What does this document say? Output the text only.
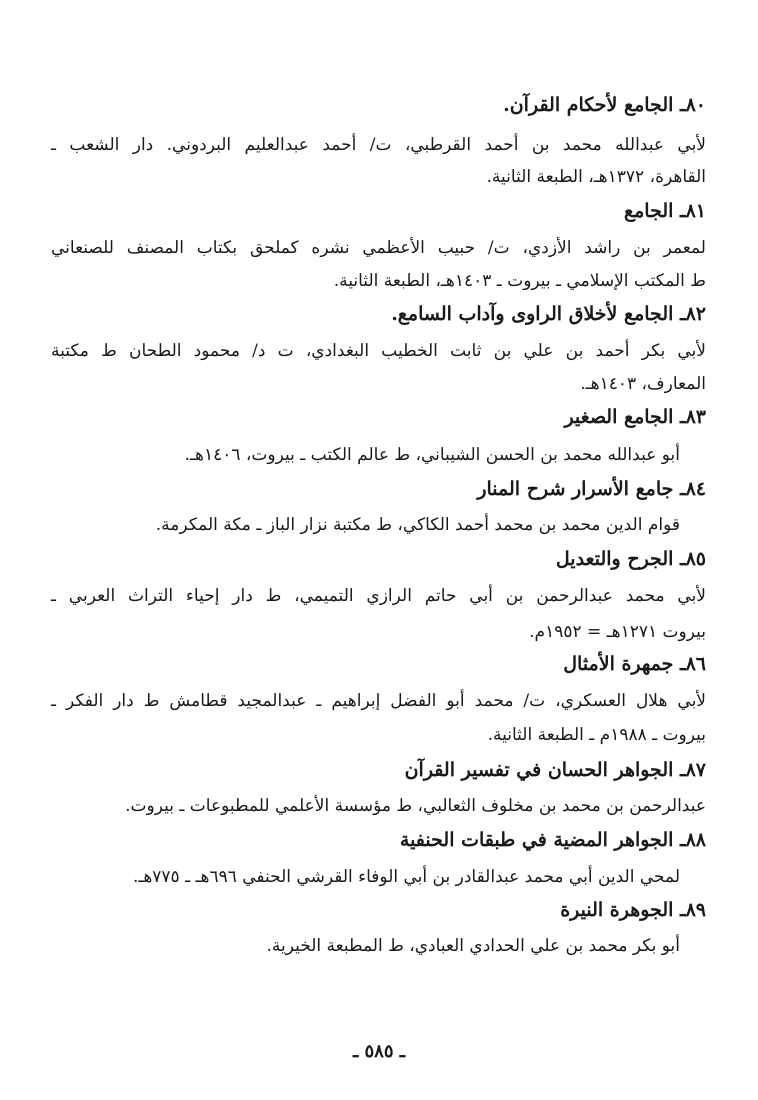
٨٠ـ الجامع لأحكام القرآن.
لأبي عبدالله محمد بن أحمد القرطبي، ت/ أحمد عبدالعليم البردوني. دار الشعب ـ
القاهرة، ١٣٧٢هـ، الطبعة الثانية.
٨١ـ الجامع
لمعمر بن راشد الأزدي، ت/ حبيب الأعظمي نشره كملحق بكتاب المصنف للصنعاني
ط المكتب الإسلامي ـ بيروت ـ ١٤٠٣هـ، الطبعة الثانية.
٨٢ـ الجامع لأخلاق الراوى وآداب السامع.
لأبي بكر أحمد بن علي بن ثابت الخطيب البغدادي، ت د/ محمود الطحان ط مكتبة
المعارف، ١٤٠٣هـ.
٨٣ـ الجامع الصغير
أبو عبدالله محمد بن الحسن الشيباني، ط عالم الكتب ـ بيروت، ١٤٠٦هـ.
٨٤ـ جامع الأسرار شرح المنار
قوام الدين محمد بن محمد أحمد الكاكي، ط مكتبة نزار الباز ـ مكة المكرمة.
٨٥ـ الجرح والتعديل
لأبي محمد عبدالرحمن بن أبي حاتم الرازي التميمي، ط دار إحياء التراث العربي ـ
بيروت ١٢٧١هـ = ١٩٥٢م.
٨٦ـ جمهرة الأمثال
لأبي هلال العسكري، ت/ محمد أبو الفضل إبراهيم ـ عبدالمجيد قطامش ط دار الفكر ـ
بيروت ـ ١٩٨٨م ـ الطبعة الثانية.
٨٧ـ الجواهر الحسان في تفسير القرآن
عبدالرحمن بن محمد بن مخلوف الثعالبي، ط مؤسسة الأعلمي للمطبوعات ـ بيروت.
٨٨ـ الجواهر المضية في طبقات الحنفية
لمحي الدين أبي محمد عبدالقادر بن أبي الوفاء القرشي الحنفي ٦٩٦هـ ـ ٧٧٥هـ.
٨٩ـ الجوهرة النيرة
أبو بكر محمد بن علي الحدادي العبادي، ط المطبعة الخيرية.
ـ ٥٨٥ ـ
